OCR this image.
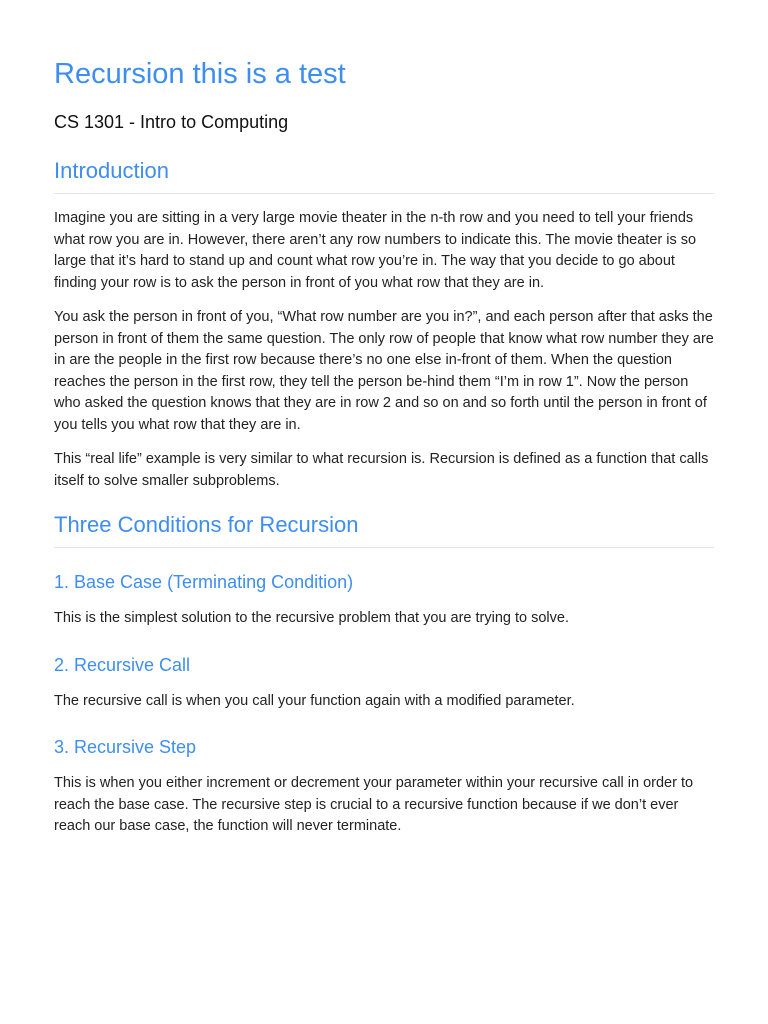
Recursion this is a test
CS 1301 - Intro to Computing
Introduction

Imagine you are sitting in a very large movie theater in the n-th row and you need to tell your friends what row you are in. However, there aren’t any row numbers to indicate this. The movie theater is so large that it’s hard to stand up and count what row you’re in. The way that you decide to go about finding your row is to ask the person in front of you what row that they are in.

You ask the person in front of you, “What row number are you in?”, and each person after that asks the person in front of them the same question. The only row of people that know what row number they are in are the people in the first row because there’s no one else in-front of them. When the question reaches the person in the first row, they tell the person be-hind them “I’m in row 1”. Now the person who asked the question knows that they are in row 2 and so on and so forth until the person in front of you tells you what row that they are in.

This “real life” example is very similar to what recursion is. Recursion is defined as a function that calls itself to solve smaller subproblems.

Three Conditions for Recursion
1. Base Case (Terminating Condition)

This is the simplest solution to the recursive problem that you are trying to solve.

2. Recursive Call

The recursive call is when you call your function again with a modified parameter.

3. Recursive Step

This is when you either increment or decrement your parameter within your recursive call in order to reach the base case. The recursive step is crucial to a recursive function because if we don’t ever reach our base case, the function will never terminate.
